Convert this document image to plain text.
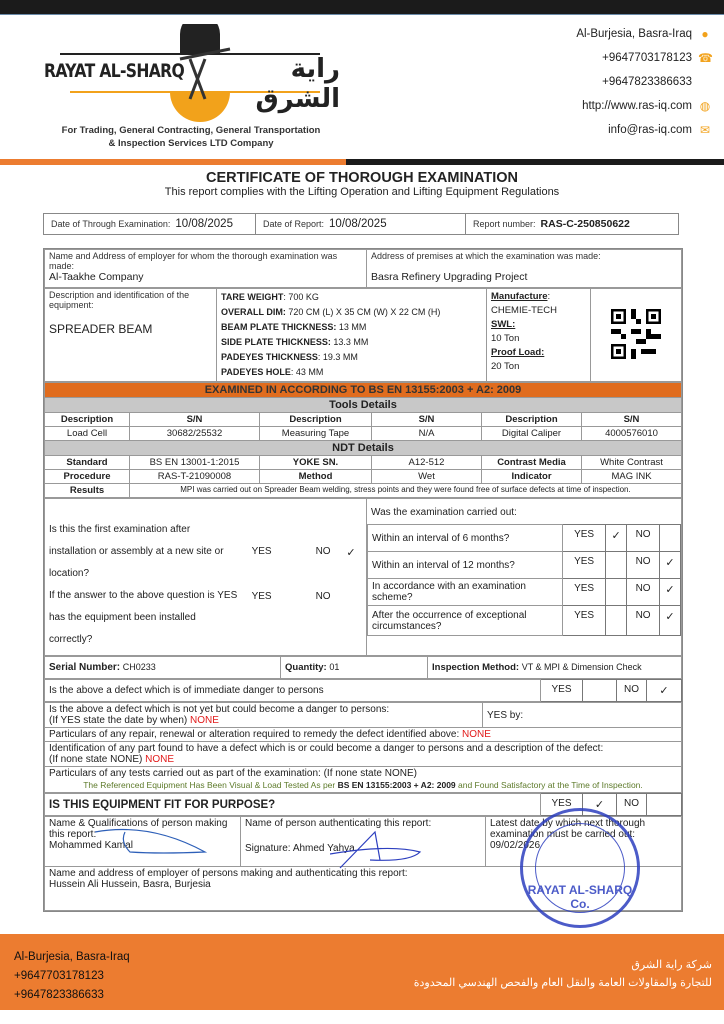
RAYAT AL-SHARQ	راية الشرق
For Trading, General Contracting, General Transportation
& Inspection Services LTD Company
Al-Burjesia, Basra-Iraq ●
+9647703178123 ☎
+9647823386633
http://www.ras-iq.com ◍
info@ras-iq.com ✉
CERTIFICATE OF THOROUGH EXAMINATION
This report complies with the Lifting Operation and Lifting Equipment Regulations
Date of Through Examination: 10/08/2025	Date of Report: 10/08/2025	Report number: RAS-C-250850622
Name and Address of employer for whom the thorough examination was made:
Al-Taakhe Company

Address of premises at which the examination was made:
Basra Refinery Upgrading Project
Description and identification of the equipment:
SPREADER BEAM

TARE WEIGHT: 700 KG
OVERALL DIM: 720 CM (L) X 35 CM (W) X 22 CM (H)
BEAM PLATE THICKNESS: 13 MM
SIDE PLATE THICKNESS: 13.3 MM
PADEYES THICKNESS: 19.3 MM
PADEYES HOLE: 43 MM

Manufacture:
CHEMIE-TECH
SWL:
10 Ton
Proof Load:
20 Ton

EXAMINED IN ACCORDING TO BS EN 13155:2003 + A2: 2009					
Tools Details					
Description	S/N	Description	S/N	Description	S/N
Load Cell	30682/25532	Measuring Tape	N/A	Digital Caliper	4000576010
NDT Details					
Standard	BS EN 13001-1:2015	YOKE SN.	A12-512	Contrast Media	White Contrast
Procedure	RAS-T-21090008	Method	Wet	Indicator	MAG INK
Results	MPI was carried out on Spreader Beam welding, stress points and they were found free of surface defects at time of inspection.				
Is this the first examination after installation or assembly at a new site or location?	
YES		NO	✓

If the answer to the above question is YES has the equipment been installed correctly?	
YES		NO	

Was the examination carried out:
Within an interval of 6 months?	YES	✓	NO	
Within an interval of 12 months?	YES		NO	✓
In accordance with an examination scheme?	YES		NO	✓
After the occurrence of exceptional circumstances?	YES		NO	✓
Serial Number: CH0233	Quantity: 01	Inspection Method: VT & MPI & Dimension Check
Is the above a defect which is of immediate danger to persons	YES		NO	✓
Is the above a defect which is not yet but could become a danger to persons:
(If YES state the date by when) NONE	YES by:
Particulars of any repair, renewal or alteration required to remedy the defect identified above: NONE

Identification of any part found to have a defect which is or could become a danger to persons and a description of the defect:
(If none state NONE) NONE

Particulars of any tests carried out as part of the examination: (If none state NONE)
The Referenced Equipment Has Been Visual & Load Tested As per BS EN 13155:2003 + A2: 2009 and Found Satisfactory at the Time of Inspection.
IS THIS EQUIPMENT FIT FOR PURPOSE?	YES	✓	NO	
Name & Qualifications of person making this report:
Mohammed Kamal

Name of person authenticating this report:
Signature: Ahmed Yahya

Latest date by which next thorough examination must be carried out:
09/02/2026

Name and address of employer of persons making and authenticating this report:
Hussein Ali Hussein, Basra, Burjesia	RAYAT AL-SHARQ Co.
Al-Burjesia, Basra-Iraq
+9647703178123
+9647823386633
شركة راية الشرق
للتجارة والمقاولات العامة والنقل العام والفحص الهندسي المحدودة
